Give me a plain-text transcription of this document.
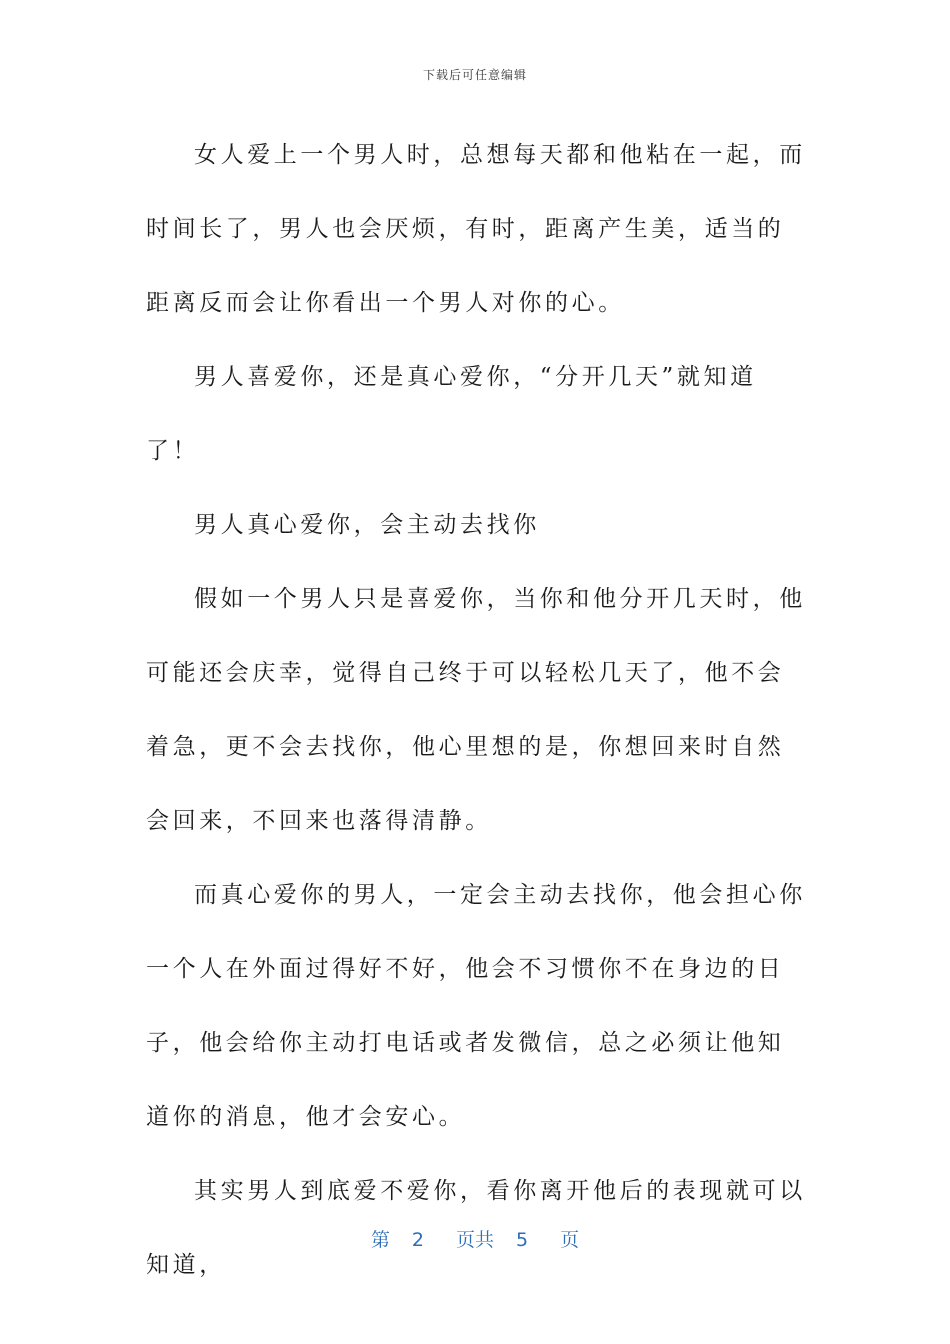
下载后可任意编辑

女人爱上一个男人时，总想每天都和他粘在一起，而时间长了，男人也会厌烦，有时，距离产生美，适当的距离反而会让你看出一个男人对你的心。

男人喜爱你，还是真心爱你，“分开几天”就知道了！

男人真心爱你，会主动去找你

假如一个男人只是喜爱你，当你和他分开几天时，他可能还会庆幸，觉得自己终于可以轻松几天了，他不会着急，更不会去找你，他心里想的是，你想回来时自然会回来，不回来也落得清静。

而真心爱你的男人，一定会主动去找你，他会担心你一个人在外面过得好不好，他会不习惯你不在身边的日子，他会给你主动打电话或者发微信，总之必须让他知道你的消息，他才会安心。

其实男人到底爱不爱你，看你离开他后的表现就可以知道，

第 2 页共 5 页
